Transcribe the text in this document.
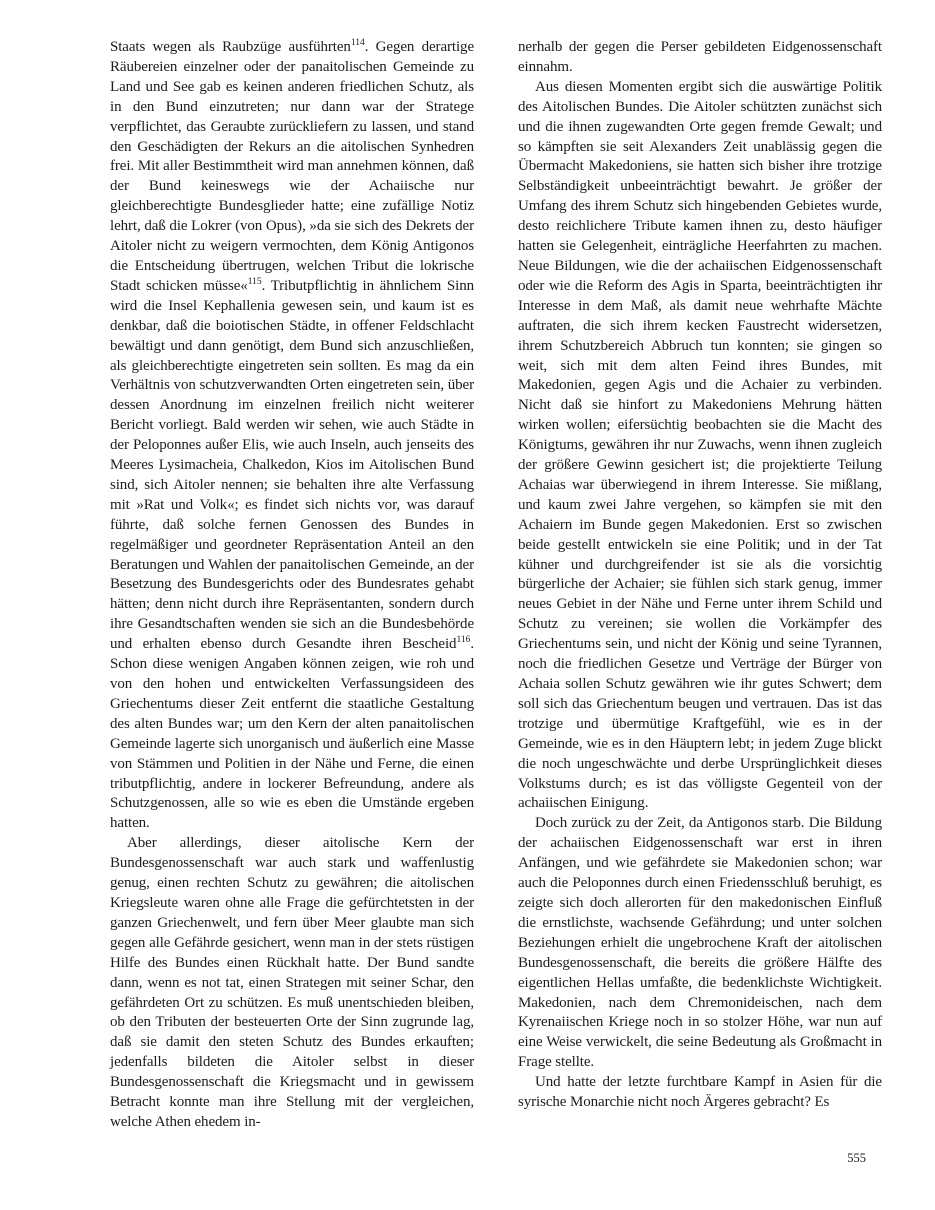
Staats wegen als Raubzüge ausführten$^{114}$. Gegen derartige Räubereien einzelner oder der panaitolischen Gemeinde zu Land und See gab es keinen anderen friedlichen Schutz, als in den Bund einzutreten; nur dann war der Stratege verpflichtet, das Geraubte zurückliefern zu lassen, und stand den Geschädigten der Rekurs an die aitolischen Synhedren frei. Mit aller Bestimmtheit wird man annehmen können, daß der Bund keineswegs wie der Achaiische nur gleichberechtigte Bundesglieder hatte; eine zufällige Notiz lehrt, daß die Lokrer (von Opus), »da sie sich des Dekrets der Aitoler nicht zu weigern vermochten, dem König Antigonos die Entscheidung übertrugen, welchen Tribut die lokrische Stadt schicken müsse«$^{115}$. Tributpflichtig in ähnlichem Sinn wird die Insel Kephallenia gewesen sein, und kaum ist es denkbar, daß die boiotischen Städte, in offener Feldschlacht bewältigt und dann genötigt, dem Bund sich anzuschließen, als gleichberechtigte eingetreten sein sollten. Es mag da ein Verhältnis von schutzverwandten Orten eingetreten sein, über dessen Anordnung im einzelnen freilich nicht weiterer Bericht vorliegt. Bald werden wir sehen, wie auch Städte in der Peloponnes außer Elis, wie auch Inseln, auch jenseits des Meeres Lysimacheia, Chalkedon, Kios im Aitolischen Bund sind, sich Aitoler nennen; sie behalten ihre alte Verfassung mit »Rat und Volk«; es findet sich nichts vor, was darauf führte, daß solche fernen Genossen des Bundes in regelmäßiger und geordneter Repräsentation Anteil an den Beratungen und Wahlen der panaitolischen Gemeinde, an der Besetzung des Bundesgerichts oder des Bundesrates gehabt hätten; denn nicht durch ihre Repräsentanten, sondern durch ihre Gesandtschaften wenden sie sich an die Bundesbehörde und erhalten ebenso durch Gesandte ihren Bescheid$^{116}$. Schon diese wenigen Angaben können zeigen, wie roh und von den hohen und entwickelten Verfassungsideen des Griechentums dieser Zeit entfernt die staatliche Gestaltung des alten Bundes war; um den Kern der alten panaitolischen Gemeinde lagerte sich unorganisch und äußerlich eine Masse von Stämmen und Politien in der Nähe und Ferne, die einen tributpflichtig, andere in lockerer Befreundung, andere als Schutzgenossen, alle so wie es eben die Umstände ergeben hatten.

Aber allerdings, dieser aitolische Kern der Bundesgenossenschaft war auch stark und waffenlustig genug, einen rechten Schutz zu gewähren; die aitolischen Kriegsleute waren ohne alle Frage die gefürchtetsten in der ganzen Griechenwelt, und fern über Meer glaubte man sich gegen alle Gefährde gesichert, wenn man in der stets rüstigen Hilfe des Bundes einen Rückhalt hatte. Der Bund sandte dann, wenn es not tat, einen Strategen mit seiner Schar, den gefährdeten Ort zu schützen. Es muß unentschieden bleiben, ob den Tributen der besteuerten Orte der Sinn zugrunde lag, daß sie damit den steten Schutz des Bundes erkauften; jedenfalls bildeten die Aitoler selbst in dieser Bundesgenossenschaft die Kriegsmacht und in gewissem Betracht konnte man ihre Stellung mit der vergleichen, welche Athen ehedem in-

nerhalb der gegen die Perser gebildeten Eidgenossenschaft einnahm.

Aus diesen Momenten ergibt sich die auswärtige Politik des Aitolischen Bundes. Die Aitoler schützten zunächst sich und die ihnen zugewandten Orte gegen fremde Gewalt; und so kämpften sie seit Alexanders Zeit unablässig gegen die Übermacht Makedoniens, sie hatten sich bisher ihre trotzige Selbständigkeit unbeeinträchtigt bewahrt. Je größer der Umfang des ihrem Schutz sich hingebenden Gebietes wurde, desto reichlichere Tribute kamen ihnen zu, desto häufiger hatten sie Gelegenheit, einträgliche Heerfahrten zu machen. Neue Bildungen, wie die der achaiischen Eidgenossenschaft oder wie die Reform des Agis in Sparta, beeinträchtigten ihr Interesse in dem Maß, als damit neue wehrhafte Mächte auftraten, die sich ihrem kecken Faustrecht widersetzen, ihrem Schutzbereich Abbruch tun konnten; sie gingen so weit, sich mit dem alten Feind ihres Bundes, mit Makedonien, gegen Agis und die Achaier zu verbinden. Nicht daß sie hinfort zu Makedoniens Mehrung hätten wirken wollen; eifersüchtig beobachten sie die Macht des Königtums, gewähren ihr nur Zuwachs, wenn ihnen zugleich der größere Gewinn gesichert ist; die projektierte Teilung Achaias war überwiegend in ihrem Interesse. Sie mißlang, und kaum zwei Jahre vergehen, so kämpfen sie mit den Achaiern im Bunde gegen Makedonien. Erst so zwischen beide gestellt entwickeln sie eine Politik; und in der Tat kühner und durchgreifender ist sie als die vorsichtig bürgerliche der Achaier; sie fühlen sich stark genug, immer neues Gebiet in der Nähe und Ferne unter ihrem Schild und Schutz zu vereinen; sie wollen die Vorkämpfer des Griechentums sein, und nicht der König und seine Tyrannen, noch die friedlichen Gesetze und Verträge der Bürger von Achaia sollen Schutz gewähren wie ihr gutes Schwert; dem soll sich das Griechentum beugen und vertrauen. Das ist das trotzige und übermütige Kraftgefühl, wie es in der Gemeinde, wie es in den Häuptern lebt; in jedem Zuge blickt die noch ungeschwächte und derbe Ursprünglichkeit dieses Volkstums durch; es ist das völligste Gegenteil von der achaiischen Einigung.

Doch zurück zu der Zeit, da Antigonos starb. Die Bildung der achaiischen Eidgenossenschaft war erst in ihren Anfängen, und wie gefährdete sie Makedonien schon; war auch die Peloponnes durch einen Friedensschluß beruhigt, es zeigte sich doch allerorten für den makedonischen Einfluß die ernstlichste, wachsende Gefährdung; und unter solchen Beziehungen erhielt die ungebrochene Kraft der aitolischen Bundesgenossenschaft, die bereits die größere Hälfte des eigentlichen Hellas umfaßte, die bedenklichste Wichtigkeit. Makedonien, nach dem Chremonideischen, nach dem Kyrenaiischen Kriege noch in so stolzer Höhe, war nun auf eine Weise verwickelt, die seine Bedeutung als Großmacht in Frage stellte.

Und hatte der letzte furchtbare Kampf in Asien für die syrische Monarchie nicht noch Ärgeres gebracht? Es

555
